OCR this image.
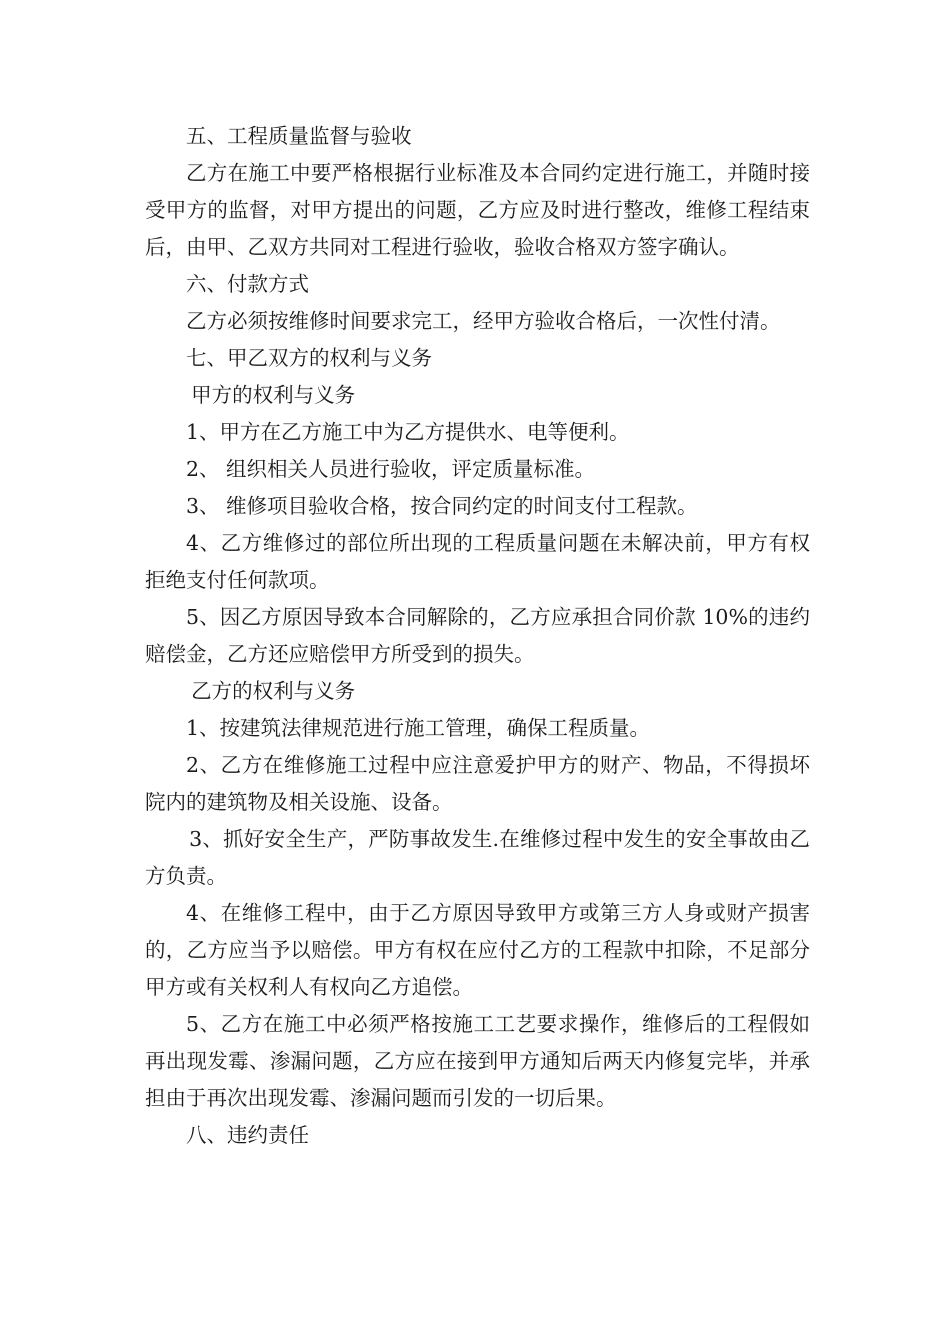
五、工程质量监督与验收

乙方在施工中要严格根据行业标准及本合同约定进行施工，并随时接受甲方的监督，对甲方提出的问题，乙方应及时进行整改，维修工程结束后，由甲、乙双方共同对工程进行验收，验收合格双方签字确认。

六、付款方式

乙方必须按维修时间要求完工，经甲方验收合格后，一次性付清。

七、甲乙双方的权利与义务

甲方的权利与义务

1、甲方在乙方施工中为乙方提供水、电等便利。

2、 组织相关人员进行验收，评定质量标准。

3、 维修项目验收合格，按合同约定的时间支付工程款。

4、乙方维修过的部位所出现的工程质量问题在未解决前，甲方有权拒绝支付任何款项。

5、因乙方原因导致本合同解除的，乙方应承担合同价款 10%的违约赔偿金，乙方还应赔偿甲方所受到的损失。

乙方的权利与义务

1、按建筑法律规范进行施工管理，确保工程质量。

2、乙方在维修施工过程中应注意爱护甲方的财产、物品，不得损坏院内的建筑物及相关设施、设备。

3、抓好安全生产，严防事故发生.在维修过程中发生的安全事故由乙方负责。

4、在维修工程中，由于乙方原因导致甲方或第三方人身或财产损害的，乙方应当予以赔偿。甲方有权在应付乙方的工程款中扣除，不足部分甲方或有关权利人有权向乙方追偿。

5、乙方在施工中必须严格按施工工艺要求操作，维修后的工程假如再出现发霉、渗漏问题，乙方应在接到甲方通知后两天内修复完毕，并承担由于再次出现发霉、渗漏问题而引发的一切后果。

八、违约责任
